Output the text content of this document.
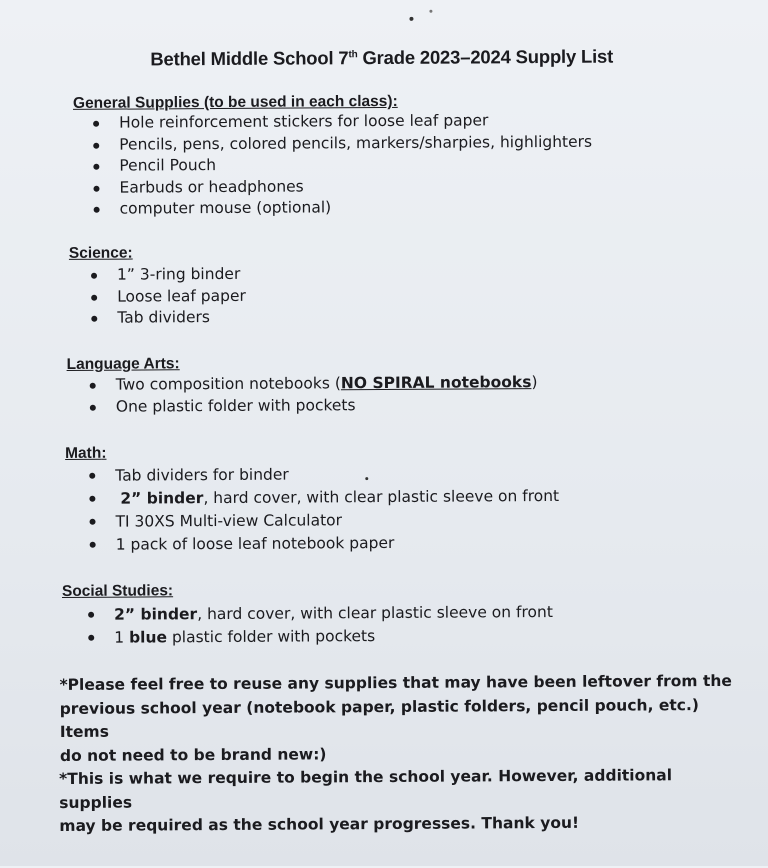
Bethel Middle School 7th Grade 2023–2024 Supply List
General Supplies (to be used in each class):
Hole reinforcement stickers for loose leaf paper
Pencils, pens, colored pencils, markers/sharpies, highlighters
Pencil Pouch
Earbuds or headphones
computer mouse (optional)
Science:
1” 3-ring binder
Loose leaf paper
Tab dividers
Language Arts:
Two composition notebooks (NO SPIRAL notebooks)
One plastic folder with pockets
Math:
Tab dividers for binder
2” binder, hard cover, with clear plastic sleeve on front
TI 30XS Multi-view Calculator
1 pack of loose leaf notebook paper
Social Studies:
2” binder, hard cover, with clear plastic sleeve on front
1 blue plastic folder with pockets
*Please feel free to reuse any supplies that may have been leftover from the
previous school year (notebook paper, plastic folders, pencil pouch, etc.) Items
do not need to be brand new:)
*This is what we require to begin the school year. However, additional supplies
may be required as the school year progresses. Thank you!
